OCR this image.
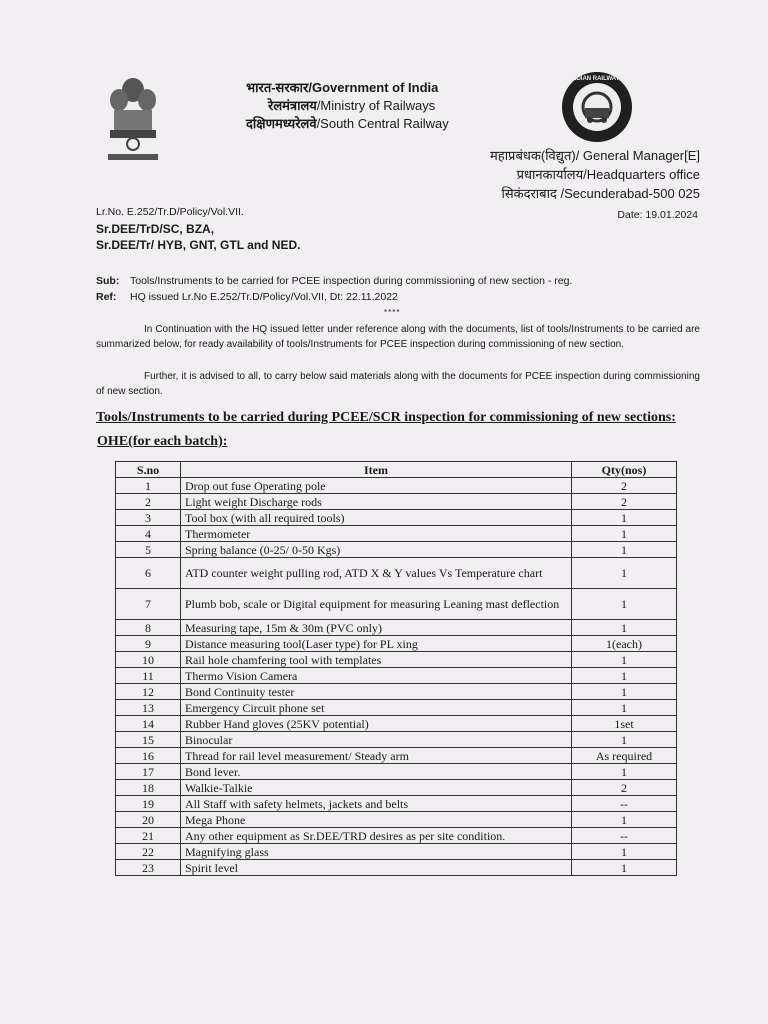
भारत-सरकार/Government of India
रेलमंत्रालय/Ministry of Railways
दक्षिणमध्यरेलवे/South Central Railway
INDIAN RAILWAYS
महाप्रबंधक(विद्युत)/ General Manager[E]
प्रधानकार्यालय/Headquarters office
सिकंदराबाद /Secunderabad-500 025
Date: 19.01.2024
Lr.No. E.252/Tr.D/Policy/Vol.VII.
Sr.DEE/TrD/SC, BZA,
Sr.DEE/Tr/ HYB, GNT, GTL and NED.
Sub: Tools/Instruments to be carried for PCEE inspection during commissioning of new section - reg.
Ref: HQ issued Lr.No E.252/Tr.D/Policy/Vol.VII, Dt: 22.11.2022
****
In Continuation with the HQ issued letter under reference along with the documents, list of tools/Instruments to be carried are summarized below, for ready availability of tools/Instruments for PCEE inspection during commissioning of new section.
Further, it is advised to all, to carry below said materials along with the documents for PCEE inspection during commissioning of new section.
Tools/Instruments to be carried during PCEE/SCR inspection for commissioning of new sections:
OHE(for each batch):
S.no	Item	Qty(nos)
1	Drop out fuse Operating pole	2
2	Light weight Discharge rods	2
3	Tool box (with all required tools)	1
4	Thermometer	1
5	Spring balance (0-25/ 0-50 Kgs)	1
6	ATD counter weight pulling rod, ATD X & Y values Vs Temperature chart	1
7	Plumb bob, scale or Digital equipment for measuring Leaning mast deflection	1
8	Measuring tape, 15m & 30m (PVC only)	1
9	Distance measuring tool(Laser type) for PL xing	1(each)
10	Rail hole chamfering tool with templates	1
11	Thermo Vision Camera	1
12	Bond Continuity tester	1
13	Emergency Circuit phone set	1
14	Rubber Hand gloves (25KV potential)	1set
15	Binocular	1
16	Thread for rail level measurement/ Steady arm	As required
17	Bond lever.	1
18	Walkie-Talkie	2
19	All Staff with safety helmets, jackets and belts	--
20	Mega Phone	1
21	Any other equipment as Sr.DEE/TRD desires as per site condition.	--
22	Magnifying glass	1
23	Spirit level	1
